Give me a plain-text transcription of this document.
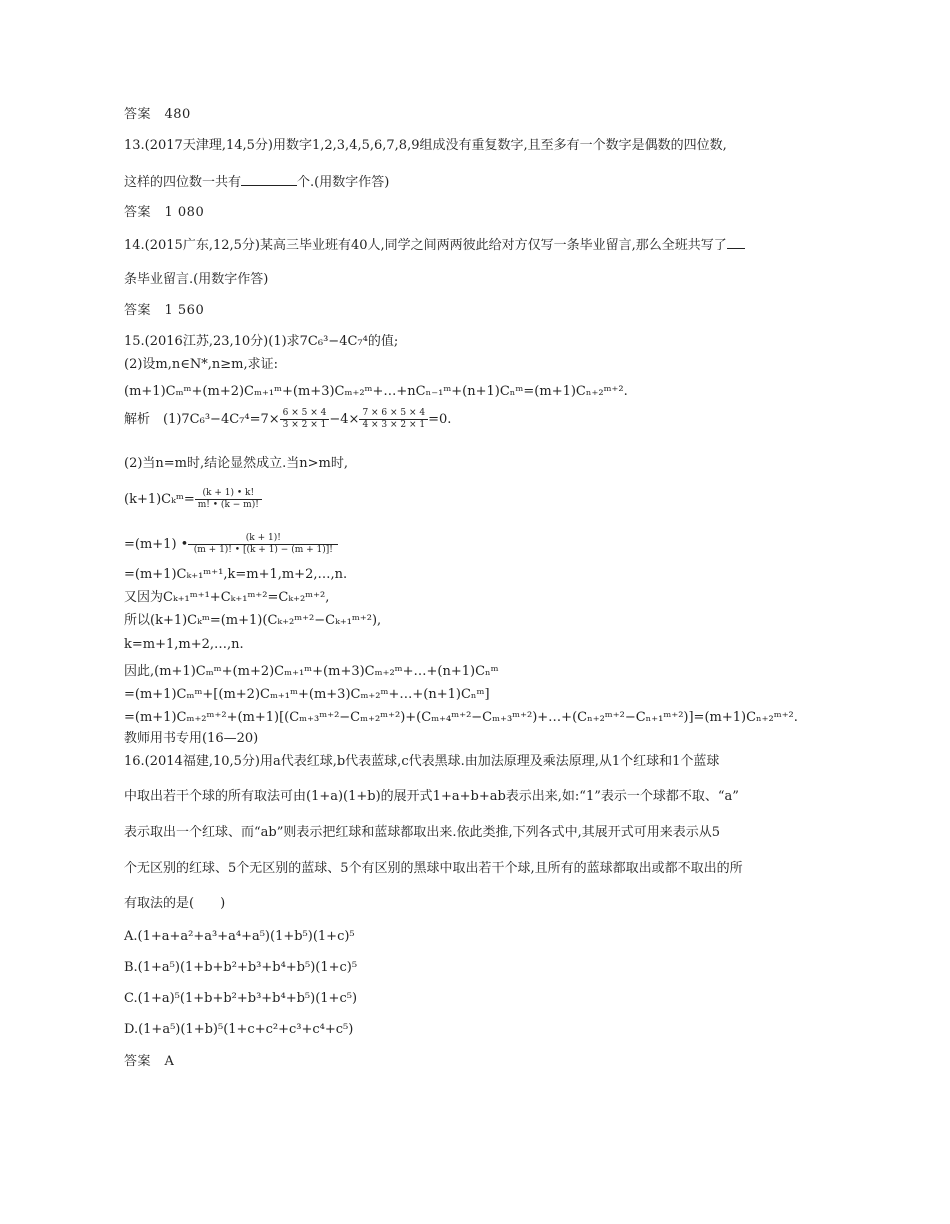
答案　480
13.(2017天津理,14,5分)用数字1,2,3,4,5,6,7,8,9组成没有重复数字,且至多有一个数字是偶数的四位数,
这样的四位数一共有	个.(用数字作答)
答案　1 080
14.(2015广东,12,5分)某高三毕业班有40人,同学之间两两彼此给对方仅写一条毕业留言,那么全班共写了
条毕业留言.(用数字作答)
答案　1 560
15.(2016江苏,23,10分)(1)求7C₆³−4C₇⁴的值;
(2)设m,n∈N*,n≥m,求证:
(m+1)Cₘᵐ+(m+2)Cₘ₊₁ᵐ+(m+3)Cₘ₊₂ᵐ+…+nCₙ₋₁ᵐ+(n+1)Cₙᵐ=(m+1)Cₙ₊₂ᵐ⁺².
解析　$(1)7C_6^3-4C_7^4=7\times \frac{6 \times 5 \times 4}{3 \times 2 \times 1} -4\times \frac{7 \times 6 \times 5 \times 4}{4 \times 3 \times 2 \times 1} =0$.
(2)当n=m时,结论显然成立.当n>m时,
(k+1)Cₖᵐ= $\frac{(k + 1) • k!}{m! • (k - m)!}$
=(m+1) • $\frac{(k + 1)!}{(m + 1)! • [(k + 1) - (m + 1)]!}$
=(m+1)Cₖ₊₁ᵐ⁺¹,k=m+1,m+2,…,n.
又因为Cₖ₊₁ᵐ⁺¹+Cₖ₊₁ᵐ⁺²=Cₖ₊₂ᵐ⁺²,
所以(k+1)Cₖᵐ=(m+1)(Cₖ₊₂ᵐ⁺²−Cₖ₊₁ᵐ⁺²),
k=m+1,m+2,…,n.
因此,(m+1)Cₘᵐ+(m+2)Cₘ₊₁ᵐ+(m+3)Cₘ₊₂ᵐ+…+(n+1)Cₙᵐ
=(m+1)Cₘᵐ+[(m+2)Cₘ₊₁ᵐ+(m+3)Cₘ₊₂ᵐ+…+(n+1)Cₙᵐ]
=(m+1)Cₘ₊₂ᵐ⁺²+(m+1)[(Cₘ₊₃ᵐ⁺²−Cₘ₊₂ᵐ⁺²)+(Cₘ₊₄ᵐ⁺²−Cₘ₊₃ᵐ⁺²)+…+(Cₙ₊₂ᵐ⁺²−Cₙ₊₁ᵐ⁺²)]=(m+1)Cₙ₊₂ᵐ⁺².
教师用书专用(16—20)
16.(2014福建,10,5分)用a代表红球,b代表蓝球,c代表黑球.由加法原理及乘法原理,从1个红球和1个蓝球
中取出若干个球的所有取法可由(1+a)(1+b)的展开式1+a+b+ab表示出来,如:“1”表示一个球都不取、“a”
表示取出一个红球、而“ab”则表示把红球和蓝球都取出来.依此类推,下列各式中,其展开式可用来表示从5
个无区别的红球、5个无区别的蓝球、5个有区别的黑球中取出若干个球,且所有的蓝球都取出或都不取出的所
有取法的是(　　)
A.(1+a+a²+a³+a⁴+a⁵)(1+b⁵)(1+c)⁵
B.(1+a⁵)(1+b+b²+b³+b⁴+b⁵)(1+c)⁵
C.(1+a)⁵(1+b+b²+b³+b⁴+b⁵)(1+c⁵)
D.(1+a⁵)(1+b)⁵(1+c+c²+c³+c⁴+c⁵)
答案　A
